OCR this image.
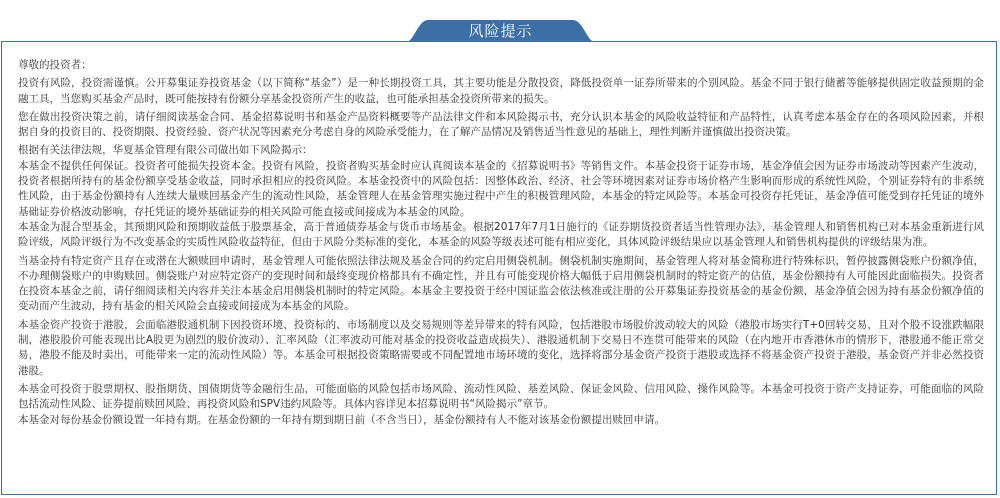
风险提示

尊敬的投资者：

投资有风险，投资需谨慎。公开募集证券投资基金（以下简称“基金”）是一种长期投资工具，其主要功能是分散投资，降低投资单一证券所带来的个别风险。基金不同于银行储蓄等能够提供固定收益预期的金融工具，当您购买基金产品时，既可能按持有份额分享基金投资所产生的收益，也可能承担基金投资所带来的损失。

您在做出投资决策之前，请仔细阅读基金合同、基金招募说明书和基金产品资料概要等产品法律文件和本风险揭示书，充分认识本基金的风险收益特征和产品特性，认真考虑本基金存在的各项风险因素，并根据自身的投资目的、投资期限、投资经验、资产状况等因素充分考虑自身的风险承受能力，在了解产品情况及销售适当性意见的基础上，理性判断并谨慎做出投资决策。

根据有关法律法规，华夏基金管理有限公司做出如下风险揭示：

本基金不提供任何保证。投资者可能损失投资本金。投资有风险，投资者购买基金时应认真阅读本基金的《招募说明书》等销售文件。本基金投资于证券市场，基金净值会因为证券市场波动等因素产生波动，投资者根据所持有的基金份额享受基金收益，同时承担相应的投资风险。本基金投资中的风险包括：因整体政治、经济、社会等环境因素对证券市场价格产生影响而形成的系统性风险，个别证券特有的非系统性风险，由于基金份额持有人连续大量赎回基金产生的流动性风险，基金管理人在基金管理实施过程中产生的积极管理风险，本基金的特定风险等。本基金可投资存托凭证，基金净值可能受到存托凭证的境外基础证券价格波动影响，存托凭证的境外基础证券的相关风险可能直接或间接成为本基金的风险。

本基金为混合型基金，其预期风险和预期收益低于股票基金，高于普通债券基金与货币市场基金。根据2017年7月1日施行的《证券期货投资者适当性管理办法》，基金管理人和销售机构已对本基金重新进行风险评级，风险评级行为不改变基金的实质性风险收益特征，但由于风险分类标准的变化，本基金的风险等级表述可能有相应变化，具体风险评级结果应以基金管理人和销售机构提供的评级结果为准。

当基金持有特定资产且存在或潜在大额赎回申请时，基金管理人可能依照法律法规及基金合同的约定启用侧袋机制。侧袋机制实施期间，基金管理人将对基金简称进行特殊标识，暂停披露侧袋账户份额净值，不办理侧袋账户的申购赎回。侧袋账户对应特定资产的变现时间和最终变现价格都具有不确定性，并且有可能变现价格大幅低于启用侧袋机制时的特定资产的估值，基金份额持有人可能因此面临损失。投资者在投资本基金之前，请仔细阅读相关内容并关注本基金启用侧袋机制时的特定风险。本基金主要投资于经中国证监会依法核准或注册的公开募集证券投资基金的基金份额，基金净值会因为持有基金份额净值的变动而产生波动，持有基金的相关风险会直接或间接成为本基金的风险。

本基金资产投资于港股，会面临港股通机制下因投资环境、投资标的、市场制度以及交易规则等差异带来的特有风险，包括港股市场股价波动较大的风险（港股市场实行T+0回转交易，且对个股不设涨跌幅限制，港股股价可能表现出比A股更为剧烈的股价波动）、汇率风险（汇率波动可能对基金的投资收益造成损失）、港股通机制下交易日不连贯可能带来的风险（在内地开市香港休市的情形下，港股通不能正常交易，港股不能及时卖出，可能带来一定的流动性风险）等。本基金可根据投资策略需要或不同配置地市场环境的变化，选择将部分基金资产投资于港股或选择不将基金资产投资于港股，基金资产并非必然投资港股。

本基金可投资于股票期权、股指期货、国债期货等金融衍生品，可能面临的风险包括市场风险、流动性风险、基差风险、保证金风险、信用风险、操作风险等。本基金可投资于资产支持证券，可能面临的风险包括流动性风险、证券提前赎回风险、再投资风险和SPV违约风险等。具体内容详见本招募说明书“风险揭示”章节。

本基金对每份基金份额设置一年持有期。在基金份额的一年持有期到期日前（不含当日），基金份额持有人不能对该基金份额提出赎回申请。
